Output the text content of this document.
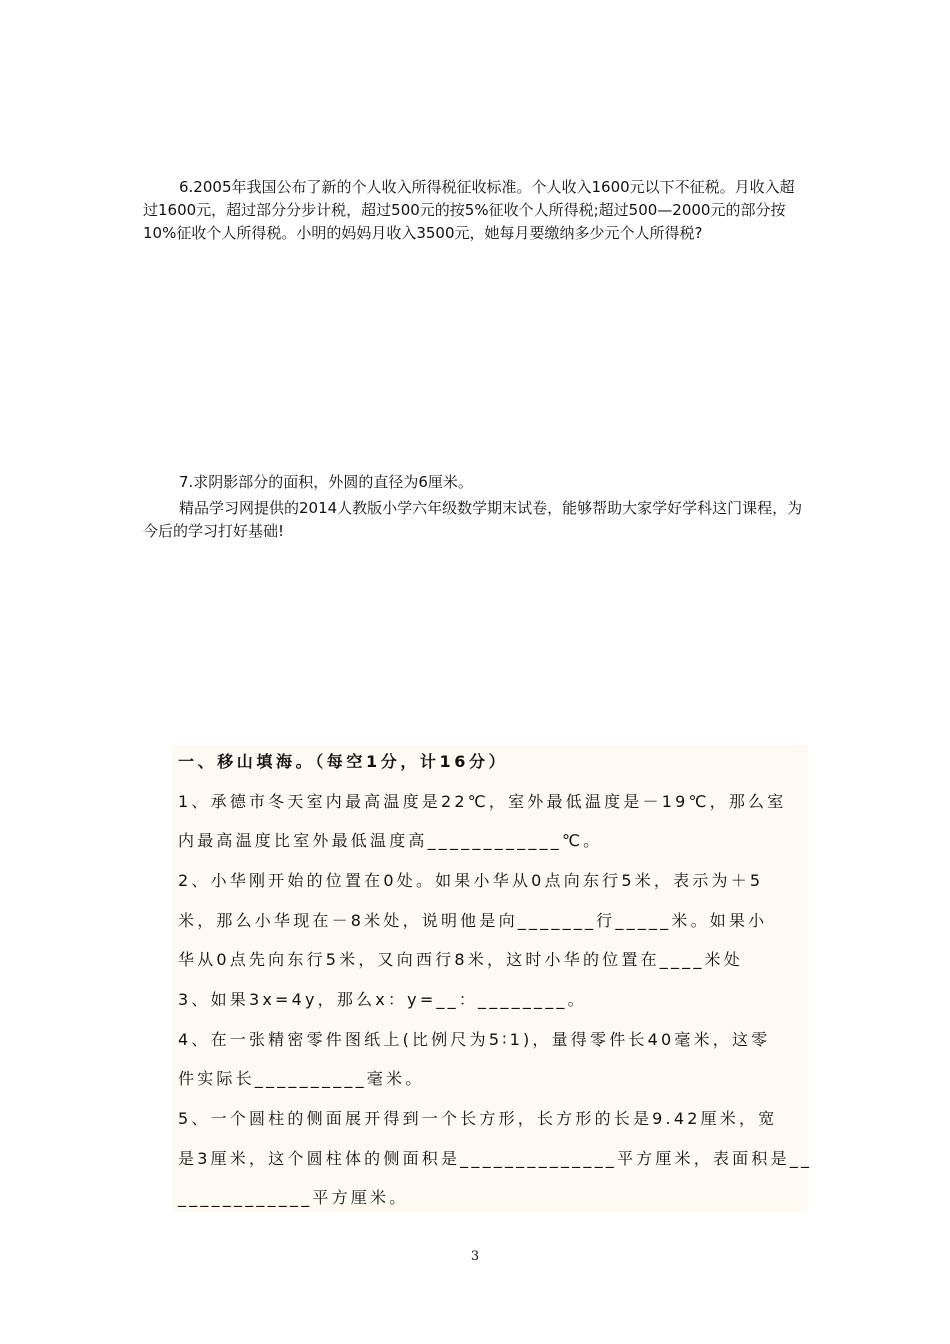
6.2005年我国公布了新的个人收入所得税征收标准。个人收入1600元以下不征税。月收入超过1600元，超过部分分步计税，超过500元的按5%征收个人所得税;超过500—2000元的部分按10%征收个人所得税。小明的妈妈月收入3500元，她每月要缴纳多少元个人所得税?

7.求阴影部分的面积，外圆的直径为6厘米。

精品学习网提供的2014人教版小学六年级数学期末试卷，能够帮助大家学好学科这门课程，为今后的学习打好基础!

一、移山填海。（每空1分，计16分）

1、承德市冬天室内最高温度是22℃，室外最低温度是－19℃，那么室

内最高温度比室外最低温度高____________℃。

2、小华刚开始的位置在0处。如果小华从0点向东行5米，表示为＋5

米，那么小华现在－8米处，说明他是向_______行_____米。如果小

华从0点先向东行5米，又向西行8米，这时小华的位置在____米处

3、如果3x=4y，那么x：y=__：________。

4、在一张精密零件图纸上(比例尺为5∶1)，量得零件长40毫米，这零

件实际长__________毫米。

5、一个圆柱的侧面展开得到一个长方形，长方形的长是9.42厘米，宽

是3厘米，这个圆柱体的侧面积是______________平方厘米，表面积是__

____________平方厘米。

3
